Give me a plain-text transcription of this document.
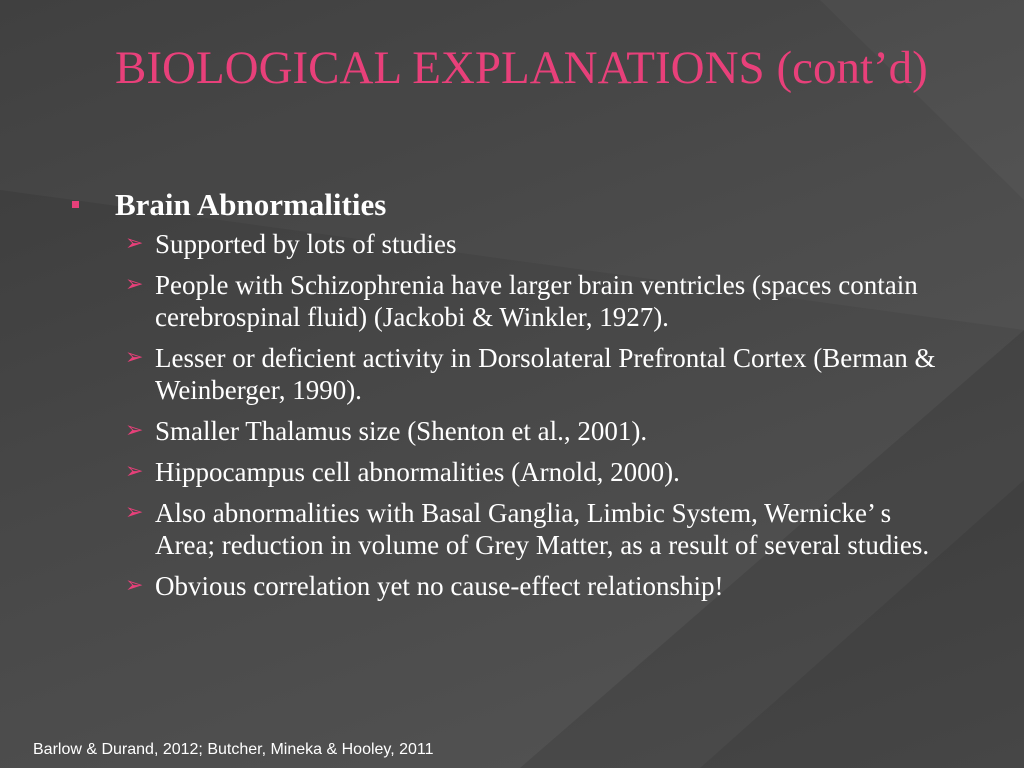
BIOLOGICAL EXPLANATIONS (cont’d)
Brain Abnormalities
➢ Supported by lots of studies
➢ People with Schizophrenia have larger brain ventricles (spaces contain cerebrospinal fluid) (Jackobi & Winkler, 1927).
➢ Lesser or deficient activity in Dorsolateral Prefrontal Cortex (Berman & Weinberger, 1990).
➢ Smaller Thalamus size (Shenton et al., 2001).
➢ Hippocampus cell abnormalities (Arnold, 2000).
➢ Also abnormalities with Basal Ganglia, Limbic System, Wernicke’ s Area; reduction in volume of Grey Matter, as a result of several studies.
➢ Obvious correlation yet no cause-effect relationship!
Barlow & Durand, 2012; Butcher, Mineka & Hooley, 2011
